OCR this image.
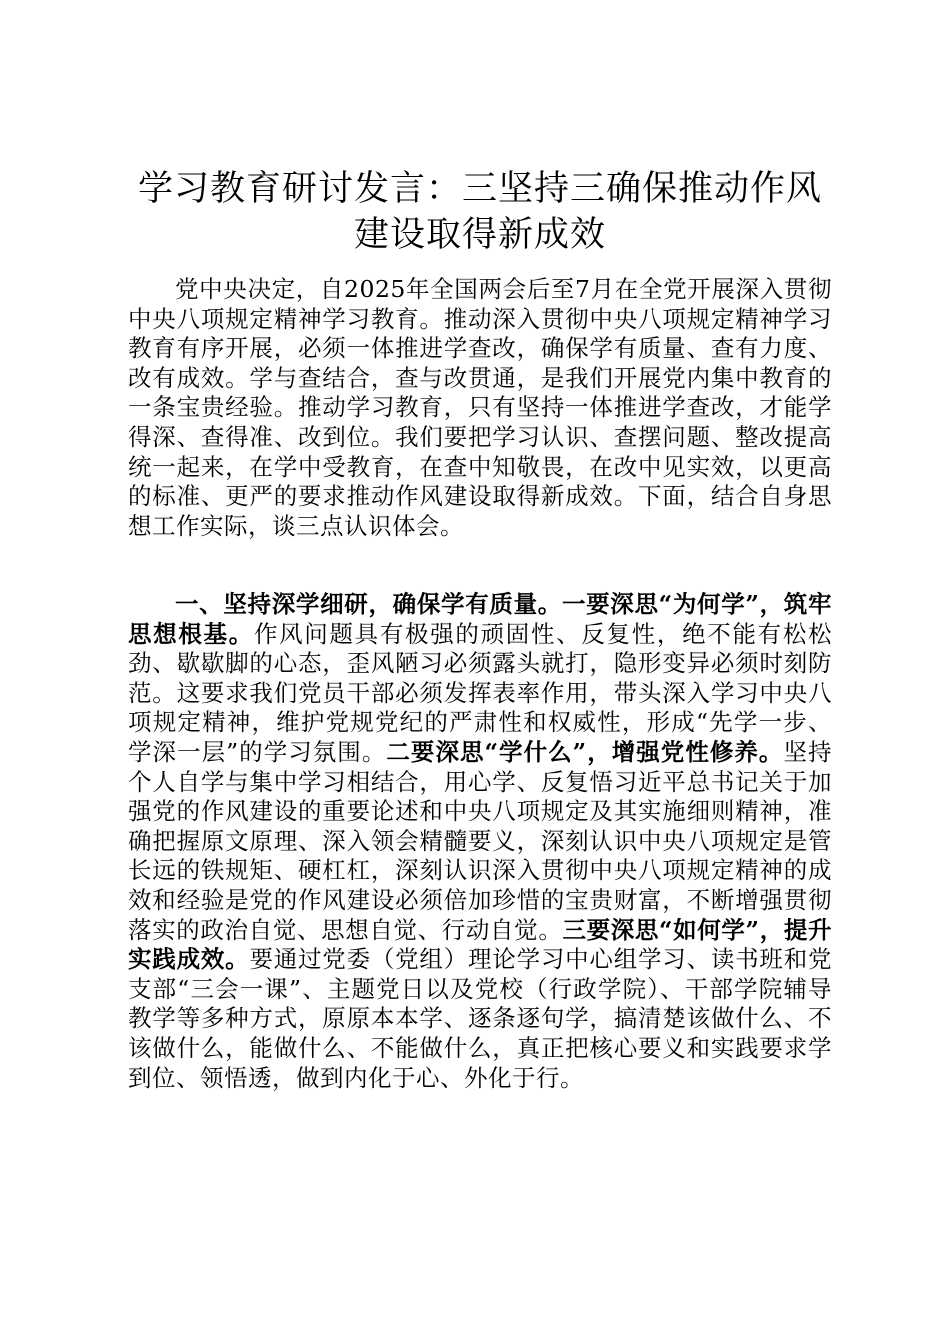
学习教育研讨发言：三坚持三确保推动作风建设取得新成效

党中央决定，自2025年全国两会后至7月在全党开展深入贯彻中央八项规定精神学习教育。推动深入贯彻中央八项规定精神学习教育有序开展，必须一体推进学查改，确保学有质量、查有力度、改有成效。学与查结合，查与改贯通，是我们开展党内集中教育的一条宝贵经验。推动学习教育，只有坚持一体推进学查改，才能学得深、查得准、改到位。我们要把学习认识、查摆问题、整改提高统一起来，在学中受教育，在查中知敬畏，在改中见实效，以更高的标准、更严的要求推动作风建设取得新成效。下面，结合自身思想工作实际，谈三点认识体会。

一、坚持深学细研，确保学有质量。一要深思“为何学”，筑牢思想根基。作风问题具有极强的顽固性、反复性，绝不能有松松劲、歇歇脚的心态，歪风陋习必须露头就打，隐形变异必须时刻防范。这要求我们党员干部必须发挥表率作用，带头深入学习中央八项规定精神，维护党规党纪的严肃性和权威性，形成“先学一步、学深一层”的学习氛围。二要深思“学什么”，增强党性修养。坚持个人自学与集中学习相结合，用心学、反复悟习近平总书记关于加强党的作风建设的重要论述和中央八项规定及其实施细则精神，准确把握原文原理、深入领会精髓要义，深刻认识中央八项规定是管长远的铁规矩、硬杠杠，深刻认识深入贯彻中央八项规定精神的成效和经验是党的作风建设必须倍加珍惜的宝贵财富，不断增强贯彻落实的政治自觉、思想自觉、行动自觉。三要深思“如何学”，提升实践成效。要通过党委（党组）理论学习中心组学习、读书班和党支部“三会一课”、主题党日以及党校（行政学院）、干部学院辅导教学等多种方式，原原本本学、逐条逐句学，搞清楚该做什么、不该做什么，能做什么、不能做什么，真正把核心要义和实践要求学到位、领悟透，做到内化于心、外化于行。
